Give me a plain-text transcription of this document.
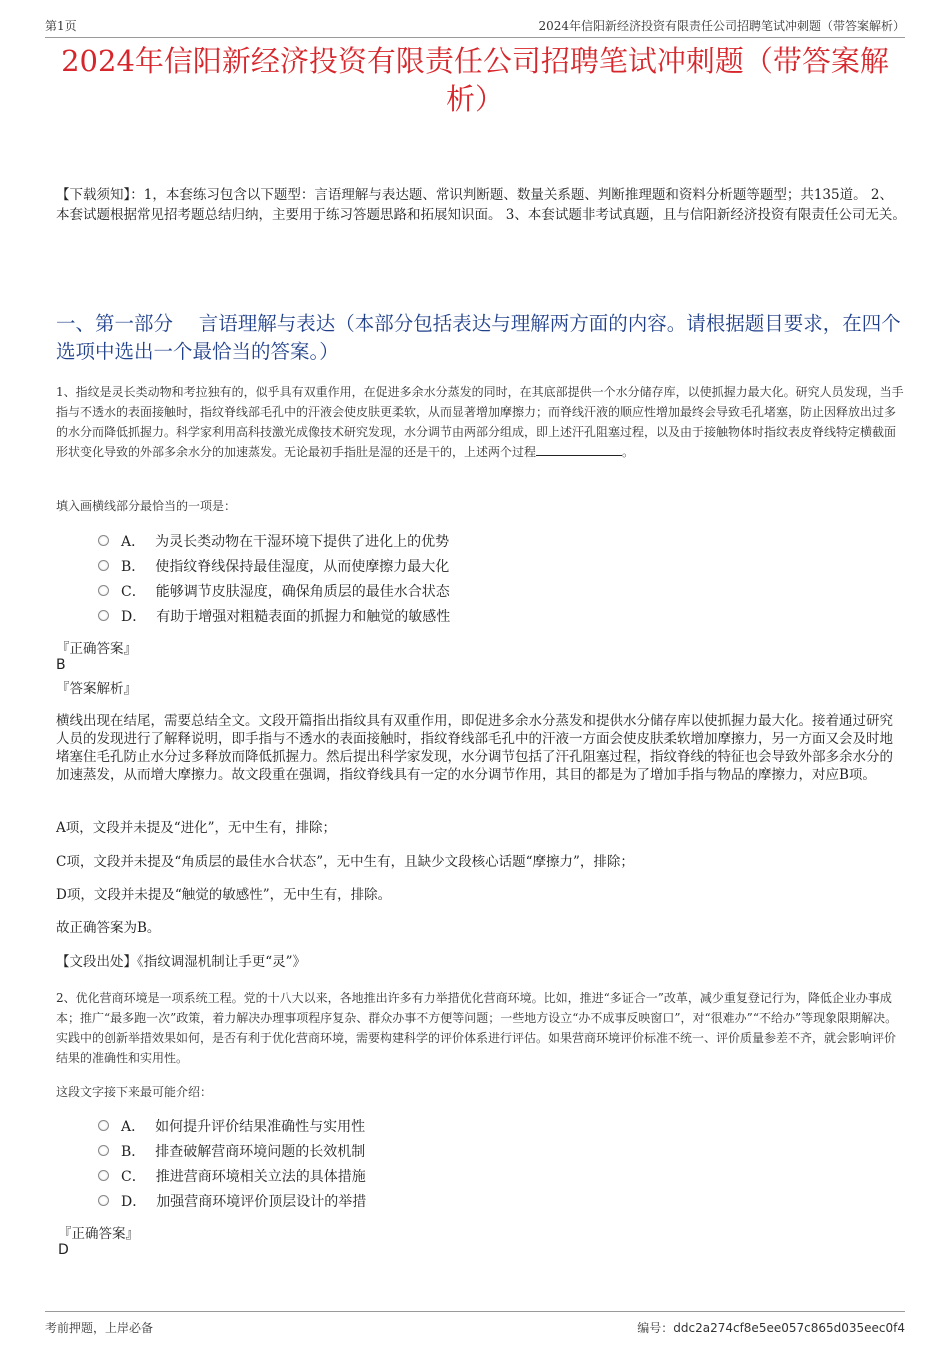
第1页	2024年信阳新经济投资有限责任公司招聘笔试冲刺题（带答案解析）
2024年信阳新经济投资有限责任公司招聘笔试冲刺题（带答案解析）
【下载须知】：1，本套练习包含以下题型：言语理解与表达题、常识判断题、数量关系题、判断推理题和资料分析题等题型；共135道。 2、本套试题根据常见招考题总结归纳，主要用于练习答题思路和拓展知识面。 3、本套试题非考试真题，且与信阳新经济投资有限责任公司无关。
一、第一部分　 言语理解与表达（本部分包括表达与理解两方面的内容。请根据题目要求，在四个选项中选出一个最恰当的答案。）
1、指纹是灵长类动物和考拉独有的，似乎具有双重作用，在促进多余水分蒸发的同时，在其底部提供一个水分储存库，以使抓握力最大化。研究人员发现，当手指与不透水的表面接触时，指纹脊线部毛孔中的汗液会使皮肤更柔软，从而显著增加摩擦力；而脊线汗液的顺应性增加最终会导致毛孔堵塞，防止因释放出过多的水分而降低抓握力。科学家利用高科技激光成像技术研究发现，水分调节由两部分组成，即上述汗孔阻塞过程，以及由于接触物体时指纹表皮脊线特定横截面形状变化导致的外部多余水分的加速蒸发。无论最初手指肚是湿的还是干的，上述两个过程	。
填入画横线部分最恰当的一项是：
A． 为灵长类动物在干湿环境下提供了进化上的优势
B． 使指纹脊线保持最佳湿度，从而使摩擦力最大化
C． 能够调节皮肤湿度，确保角质层的最佳水合状态
D． 有助于增强对粗糙表面的抓握力和触觉的敏感性
『正确答案』
B
『答案解析』
横线出现在结尾，需要总结全文。文段开篇指出指纹具有双重作用，即促进多余水分蒸发和提供水分储存库以使抓握力最大化。接着通过研究人员的发现进行了解释说明，即手指与不透水的表面接触时，指纹脊线部毛孔中的汗液一方面会使皮肤柔软增加摩擦力，另一方面又会及时地堵塞住毛孔防止水分过多释放而降低抓握力。然后提出科学家发现，水分调节包括了汗孔阻塞过程，指纹脊线的特征也会导致外部多余水分的加速蒸发，从而增大摩擦力。故文段重在强调，指纹脊线具有一定的水分调节作用，其目的都是为了增加手指与物品的摩擦力，对应B项。
A项，文段并未提及“进化”，无中生有，排除；
C项，文段并未提及“角质层的最佳水合状态”，无中生有，且缺少文段核心话题“摩擦力”，排除；
D项，文段并未提及“触觉的敏感性”，无中生有，排除。
故正确答案为B。
【文段出处】《指纹调湿机制让手更“灵”》
2、优化营商环境是一项系统工程。党的十八大以来，各地推出许多有力举措优化营商环境。比如，推进“多证合一”改革，减少重复登记行为，降低企业办事成本；推广“最多跑一次”政策，着力解决办理事项程序复杂、群众办事不方便等问题；一些地方设立“办不成事反映窗口”，对“很难办”“不给办”等现象限期解决。实践中的创新举措效果如何，是否有利于优化营商环境，需要构建科学的评价体系进行评估。如果营商环境评价标准不统一、评价质量参差不齐，就会影响评价结果的准确性和实用性。
这段文字接下来最可能介绍：
A． 如何提升评价结果准确性与实用性
B． 排查破解营商环境问题的长效机制
C． 推进营商环境相关立法的具体措施
D． 加强营商环境评价顶层设计的举措
『正确答案』
D
考前押题，上岸必备	编号：ddc2a274cf8e5ee057c865d035eec0f4
